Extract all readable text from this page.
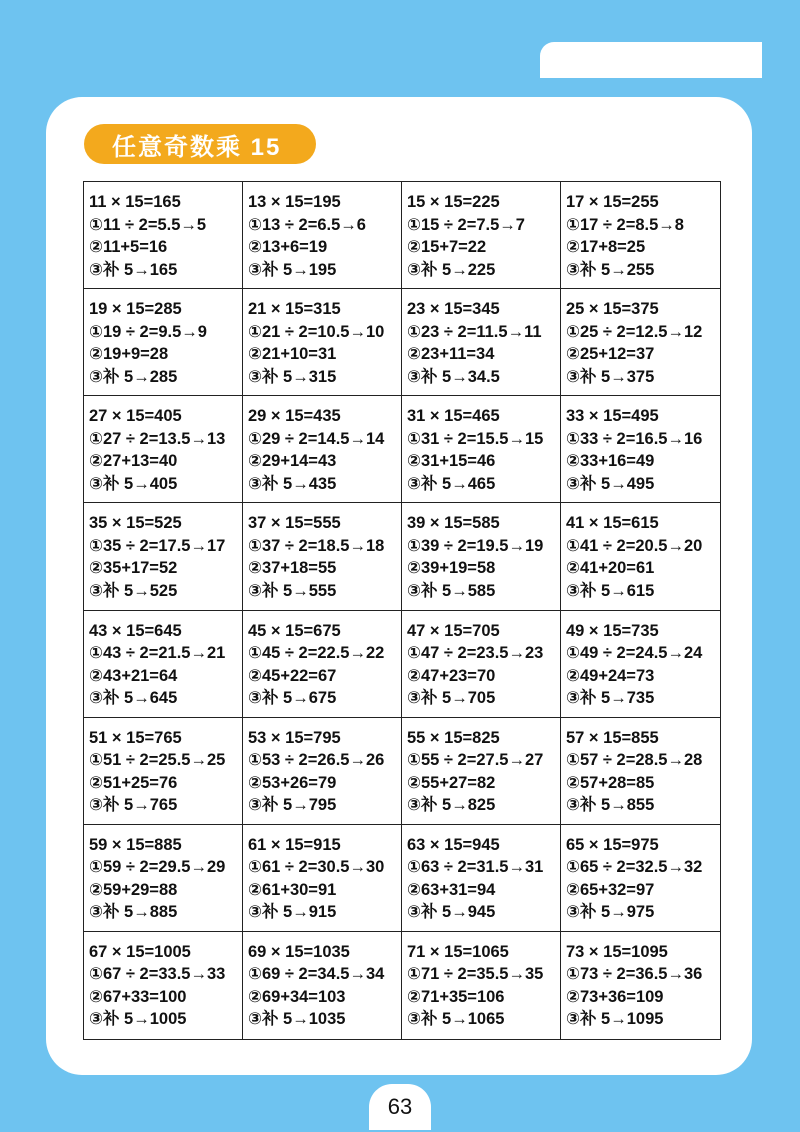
任意奇数乘 15
11 × 15=165
①11 ÷ 2=5.5→5
②11+5=16
③补 5→165
13 × 15=195
①13 ÷ 2=6.5→6
②13+6=19
③补 5→195
15 × 15=225
①15 ÷ 2=7.5→7
②15+7=22
③补 5→225
17 × 15=255
①17 ÷ 2=8.5→8
②17+8=25
③补 5→255
19 × 15=285
①19 ÷ 2=9.5→9
②19+9=28
③补 5→285
21 × 15=315
①21 ÷ 2=10.5→10
②21+10=31
③补 5→315
23 × 15=345
①23 ÷ 2=11.5→11
②23+11=34
③补 5→34.5
25 × 15=375
①25 ÷ 2=12.5→12
②25+12=37
③补 5→375
27 × 15=405
①27 ÷ 2=13.5→13
②27+13=40
③补 5→405
29 × 15=435
①29 ÷ 2=14.5→14
②29+14=43
③补 5→435
31 × 15=465
①31 ÷ 2=15.5→15
②31+15=46
③补 5→465
33 × 15=495
①33 ÷ 2=16.5→16
②33+16=49
③补 5→495
35 × 15=525
①35 ÷ 2=17.5→17
②35+17=52
③补 5→525
37 × 15=555
①37 ÷ 2=18.5→18
②37+18=55
③补 5→555
39 × 15=585
①39 ÷ 2=19.5→19
②39+19=58
③补 5→585
41 × 15=615
①41 ÷ 2=20.5→20
②41+20=61
③补 5→615
43 × 15=645
①43 ÷ 2=21.5→21
②43+21=64
③补 5→645
45 × 15=675
①45 ÷ 2=22.5→22
②45+22=67
③补 5→675
47 × 15=705
①47 ÷ 2=23.5→23
②47+23=70
③补 5→705
49 × 15=735
①49 ÷ 2=24.5→24
②49+24=73
③补 5→735
51 × 15=765
①51 ÷ 2=25.5→25
②51+25=76
③补 5→765
53 × 15=795
①53 ÷ 2=26.5→26
②53+26=79
③补 5→795
55 × 15=825
①55 ÷ 2=27.5→27
②55+27=82
③补 5→825
57 × 15=855
①57 ÷ 2=28.5→28
②57+28=85
③补 5→855
59 × 15=885
①59 ÷ 2=29.5→29
②59+29=88
③补 5→885
61 × 15=915
①61 ÷ 2=30.5→30
②61+30=91
③补 5→915
63 × 15=945
①63 ÷ 2=31.5→31
②63+31=94
③补 5→945
65 × 15=975
①65 ÷ 2=32.5→32
②65+32=97
③补 5→975
67 × 15=1005
①67 ÷ 2=33.5→33
②67+33=100
③补 5→1005
69 × 15=1035
①69 ÷ 2=34.5→34
②69+34=103
③补 5→1035
71 × 15=1065
①71 ÷ 2=35.5→35
②71+35=106
③补 5→1065
73 × 15=1095
①73 ÷ 2=36.5→36
②73+36=109
③补 5→1095
63
